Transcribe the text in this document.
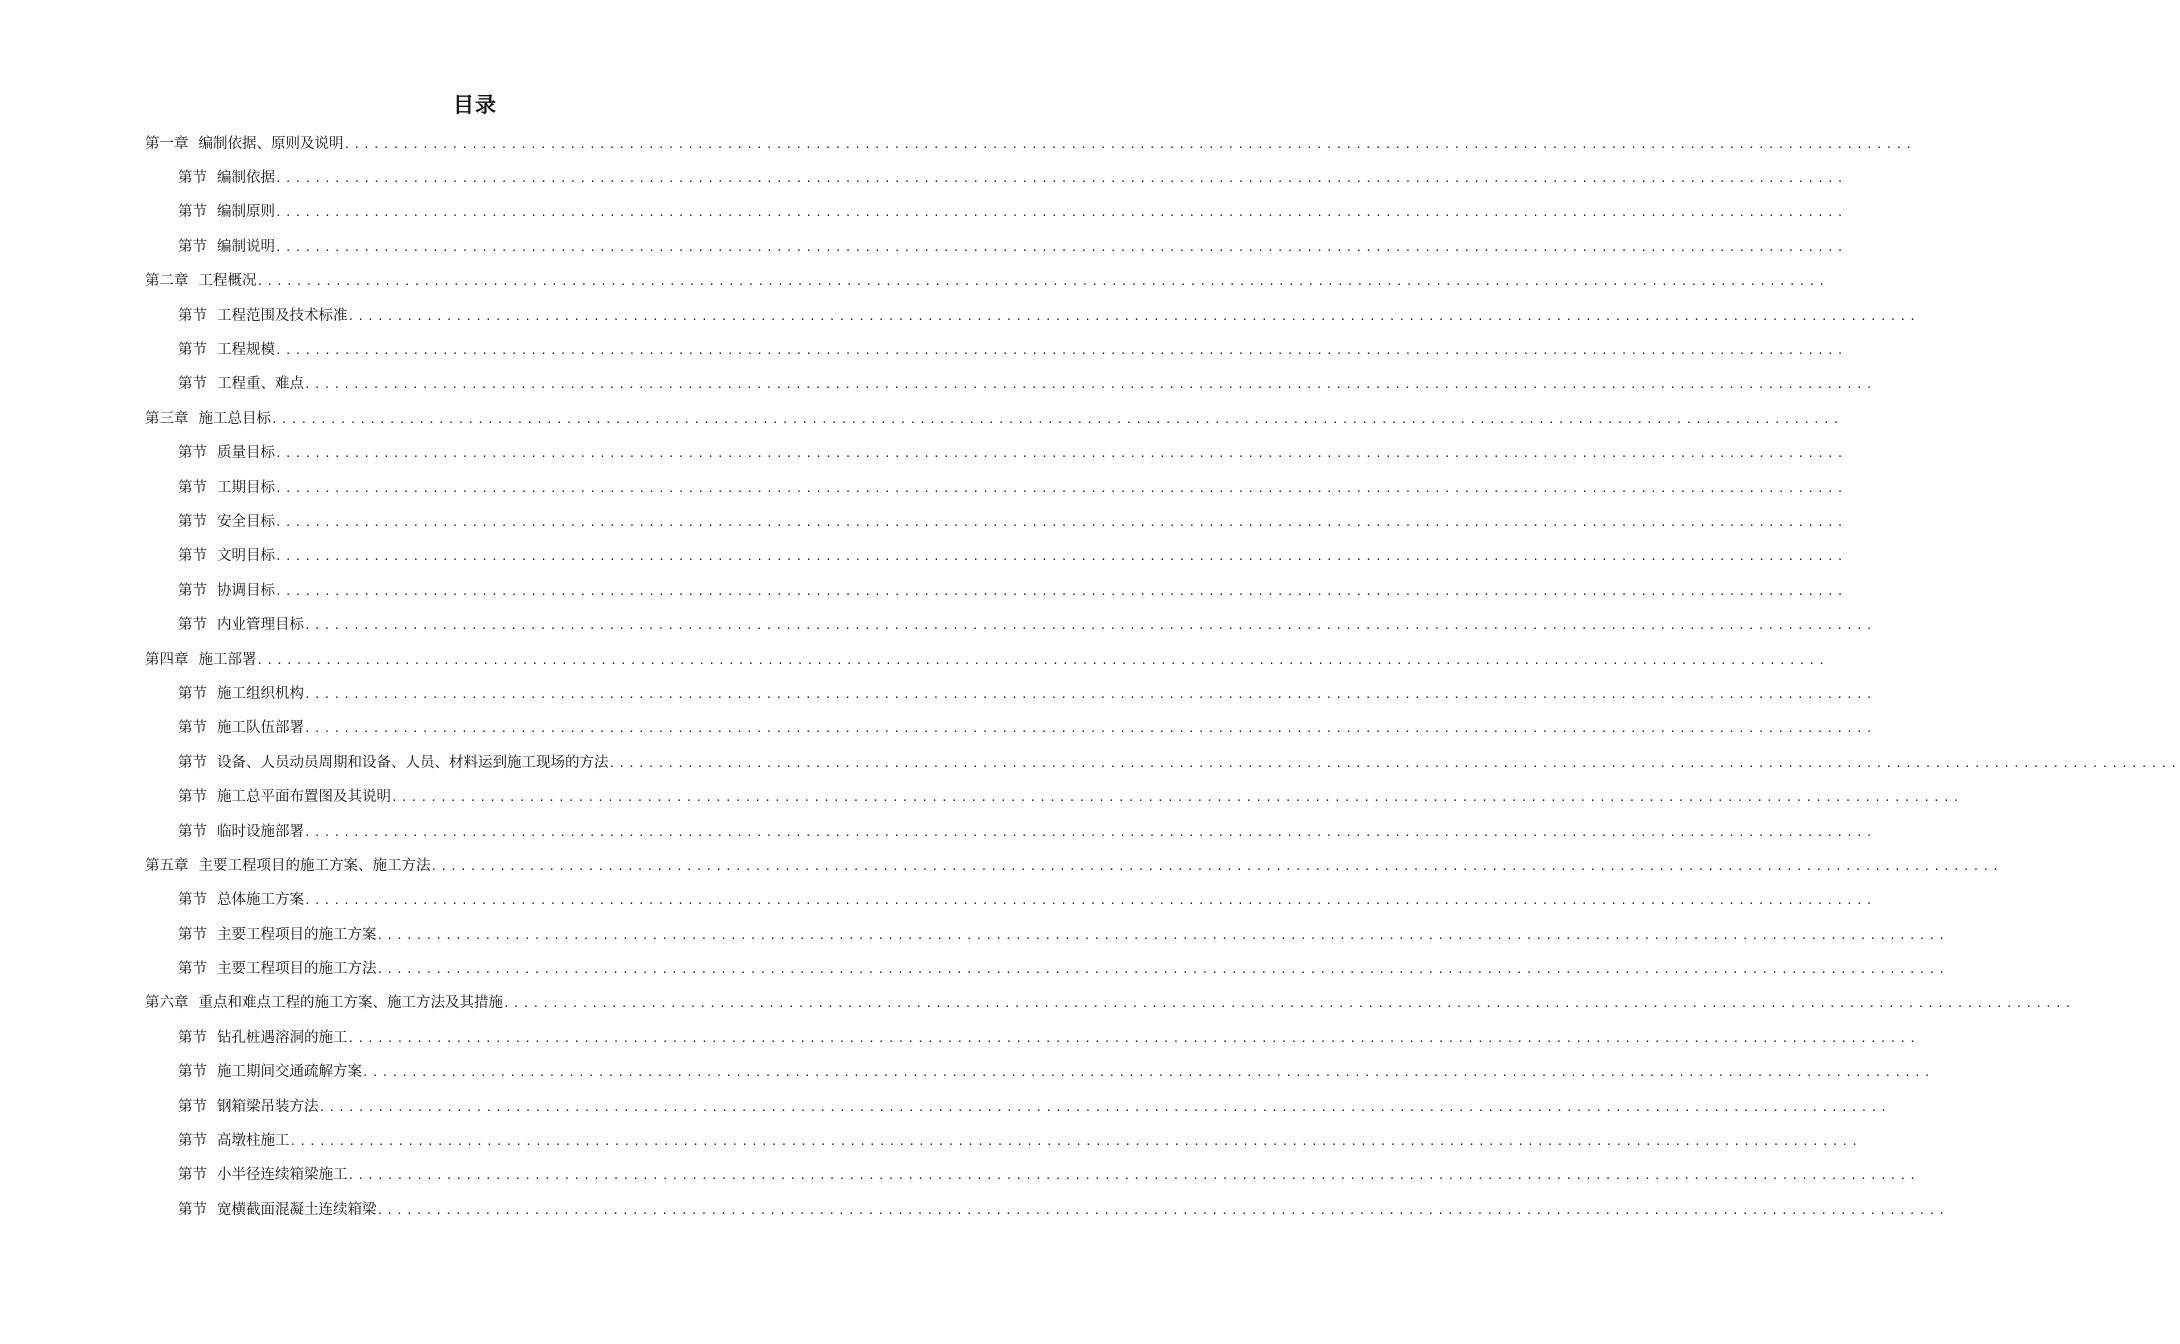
目录
第一章 编制依据、原则及说明 ................................................................................................................................................................
第节 编制依据 ................................................................................................................................................................
第节 编制原则 ................................................................................................................................................................
第节 编制说明 ................................................................................................................................................................
第二章 工程概况 ................................................................................................................................................................
第节 工程范围及技术标准 ................................................................................................................................................................
第节 工程规模 ................................................................................................................................................................
第节 工程重、难点 ................................................................................................................................................................
第三章 施工总目标 ................................................................................................................................................................
第节 质量目标 ................................................................................................................................................................
第节 工期目标 ................................................................................................................................................................
第节 安全目标 ................................................................................................................................................................
第节 文明目标 ................................................................................................................................................................
第节 协调目标 ................................................................................................................................................................
第节 内业管理目标 ................................................................................................................................................................
第四章 施工部署 ................................................................................................................................................................
第节 施工组织机构 ................................................................................................................................................................
第节 施工队伍部署 ................................................................................................................................................................
第节 设备、人员动员周期和设备、人员、材料运到施工现场的方法 ................................................................................................................................................................
第节 施工总平面布置图及其说明 ................................................................................................................................................................
第节 临时设施部署 ................................................................................................................................................................
第五章 主要工程项目的施工方案、施工方法 ................................................................................................................................................................
第节 总体施工方案 ................................................................................................................................................................
第节 主要工程项目的施工方案 ................................................................................................................................................................
第节 主要工程项目的施工方法 ................................................................................................................................................................
第六章 重点和难点工程的施工方案、施工方法及其措施 ................................................................................................................................................................
第节 钻孔桩遇溶洞的施工 ................................................................................................................................................................
第节 施工期间交通疏解方案 ................................................................................................................................................................
第节 钢箱梁吊装方法 ................................................................................................................................................................
第节 高墩柱施工 ................................................................................................................................................................
第节 小半径连续箱梁施工 ................................................................................................................................................................
第节 宽横截面混凝土连续箱梁 ................................................................................................................................................................
